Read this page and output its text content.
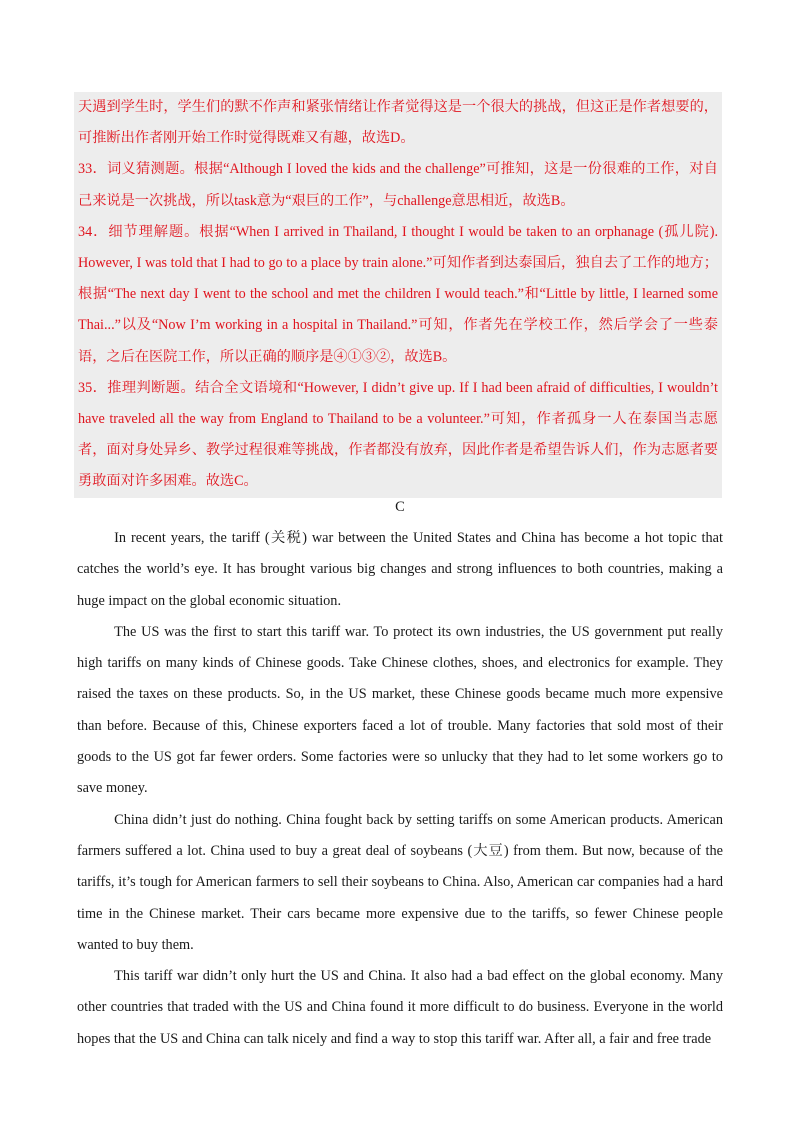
天遇到学生时，学生们的默不作声和紧张情绪让作者觉得这是一个很大的挑战，但这正是作者想要的，可推断出作者刚开始工作时觉得既难又有趣，故选D。

33．词义猜测题。根据“Although I loved the kids and the challenge”可推知，这是一份很难的工作，对自己来说是一次挑战，所以task意为“艰巨的工作”，与challenge意思相近，故选B。

34．细节理解题。根据“When I arrived in Thailand, I thought I would be taken to an orphanage (孤儿院). However, I was told that I had to go to a place by train alone.”可知作者到达泰国后，独自去了工作的地方；根据“The next day I went to the school and met the children I would teach.”和“Little by little, I learned some Thai...”以及“Now I’m working in a hospital in Thailand.”可知，作者先在学校工作，然后学会了一些泰语，之后在医院工作，所以正确的顺序是④①③②，故选B。

35．推理判断题。结合全文语境和“However, I didn’t give up. If I had been afraid of difficulties, I wouldn’t have traveled all the way from England to Thailand to be a volunteer.”可知，作者孤身一人在泰国当志愿者，面对身处异乡、教学过程很难等挑战，作者都没有放弃，因此作者是希望告诉人们，作为志愿者要勇敢面对许多困难。故选C。

C

In recent years, the tariff (关税) war between the United States and China has become a hot topic that catches the world’s eye. It has brought various big changes and strong influences to both countries, making a huge impact on the global economic situation.

The US was the first to start this tariff war. To protect its own industries, the US government put really high tariffs on many kinds of Chinese goods. Take Chinese clothes, shoes, and electronics for example. They raised the taxes on these products. So, in the US market, these Chinese goods became much more expensive than before. Because of this, Chinese exporters faced a lot of trouble. Many factories that sold most of their goods to the US got far fewer orders. Some factories were so unlucky that they had to let some workers go to save money.

China didn’t just do nothing. China fought back by setting tariffs on some American products. American farmers suffered a lot. China used to buy a great deal of soybeans (大豆) from them. But now, because of the tariffs, it’s tough for American farmers to sell their soybeans to China. Also, American car companies had a hard time in the Chinese market. Their cars became more expensive due to the tariffs, so fewer Chinese people wanted to buy them.

This tariff war didn’t only hurt the US and China. It also had a bad effect on the global economy. Many other countries that traded with the US and China found it more difficult to do business. Everyone in the world hopes that the US and China can talk nicely and find a way to stop this tariff war. After all, a fair and free trade
